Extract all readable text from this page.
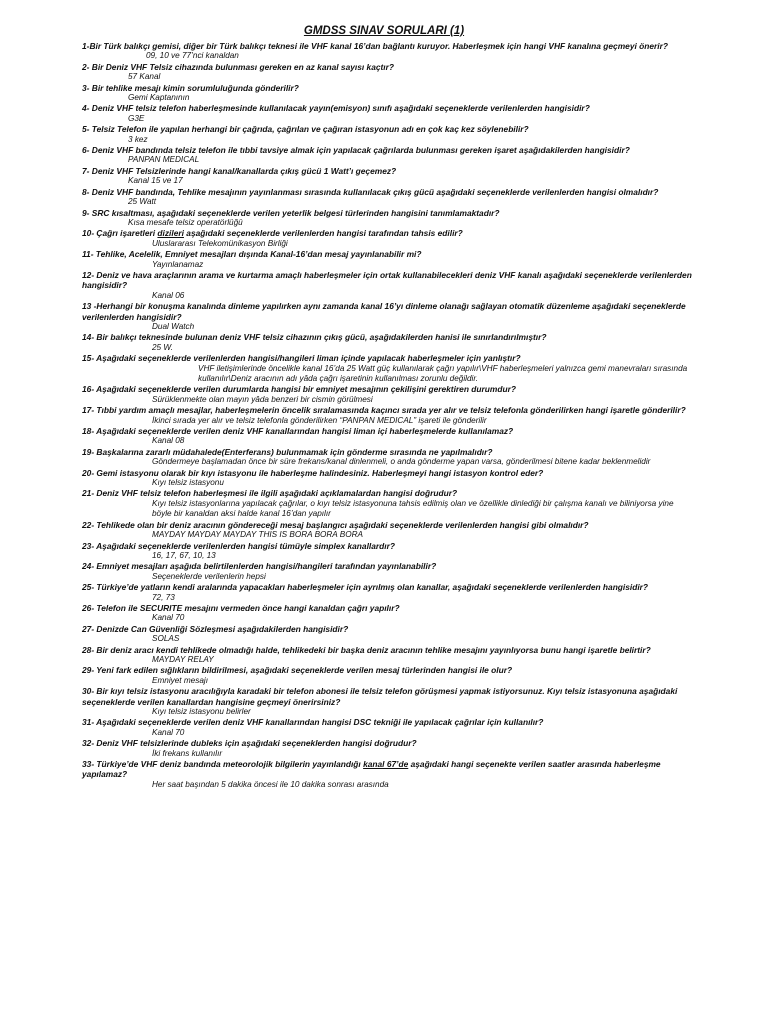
GMDSS SINAV SORULARI (1)
1-Bir Türk balıkçı gemisi, diğer bir Türk balıkçı teknesi ile VHF kanal 16’dan bağlantı kuruyor. Haberleşmek için hangi VHF kanalına geçmeyi önerir?
09, 10 ve 77’nci kanaldan
2- Bir Deniz VHF Telsiz cihazında bulunması gereken en az kanal sayısı kaçtır?
57 Kanal
3- Bir tehlike mesajı kimin sorumluluğunda gönderilir?
Gemi Kaptanının
4- Deniz VHF telsiz telefon haberleşmesinde kullanılacak yayın(emisyon) sınıfı aşağıdaki seçeneklerde verilenlerden hangisidir?
G3E
5- Telsiz Telefon ile yapılan herhangi bir çağrıda, çağrılan ve çağıran istasyonun adı en çok kaç kez söylenebilir?
3 kez
6- Deniz VHF bandında telsiz telefon ile tıbbi tavsiye almak için yapılacak çağrılarda bulunması gereken işaret aşağıdakilerden hangisidir?
PANPAN MEDICAL
7- Deniz VHF Telsizlerinde hangi kanal/kanallarda çıkış gücü 1 Watt’ı geçemez?
Kanal 15 ve 17
8- Deniz VHF bandında, Tehlike mesajının yayınlanması sırasında kullanılacak çıkış gücü aşağıdaki seçeneklerde verilenlerden hangisi olmalıdır?
25 Watt
9- SRC kısaltması, aşağıdaki seçeneklerde verilen yeterlik belgesi türlerinden hangisini tanımlamaktadır?
Kısa mesafe telsiz operatörlüğü
10- Çağrı işaretleri dizileri aşağıdaki seçeneklerde verilenlerden hangisi tarafından tahsis edilir?
Uluslararası Telekomünikasyon Birliği
11- Tehlike, Acelelik, Emniyet mesajları dışında Kanal-16’dan mesaj yayınlanabilir mi?
Yayınlanamaz
12- Deniz ve hava araçlarının arama ve kurtarma amaçlı haberleşmeler için ortak kullanabilecekleri deniz VHF kanalı aşağıdaki seçeneklerde verilenlerden hangisidir?
Kanal 06
13 -Herhangi bir konuşma kanalında dinleme yapılırken aynı zamanda kanal 16’yı dinleme olanağı sağlayan otomatik düzenleme aşağıdaki seçeneklerde verilenlerden hangisidir?
Dual Watch
14- Bir balıkçı teknesinde bulunan deniz VHF telsiz cihazının çıkış gücü, aşağıdakilerden hanisi ile sınırlandırılmıştır?
25 W.
15- Aşağıdaki seçeneklerde verilenlerden hangisi/hangileri liman içinde yapılacak haberleşmeler için yanlıştır?
VHF iletişimlerinde öncelikle kanal 16’da 25 Watt güç kullanılarak çağrı yapılır\VHF haberleşmeleri yalnızca gemi manevraları sırasında kullanılır\Deniz aracının adı yâda çağrı işaretinin kullanılması zorunlu değildir.
16- Aşağıdaki seçeneklerde verilen durumlarda hangisi bir emniyet mesajının çekilişini gerektiren durumdur?
Sürüklenmekte olan mayın yâda benzeri bir cismin görülmesi
17- Tıbbi yardım amaçlı mesajlar, haberleşmelerin öncelik sıralamasında kaçıncı sırada yer alır ve telsiz telefonla gönderilirken hangi işaretle gönderilir?
İkinci sırada yer alır ve telsiz telefonla gönderilirken “PANPAN MEDICAL” işareti ile gönderilir
18- Aşağıdaki seçeneklerde verilen deniz VHF kanallarından hangisi liman içi haberleşmelerde kullanılamaz?
Kanal 08
19- Başkalarına zararlı müdahalede(Enterferans) bulunmamak için gönderme sırasında ne yapılmalıdır?
Göndermeye başlamadan önce bir süre frekans/kanal dinlenmeli, o anda gönderme yapan varsa, gönderilmesi bitene kadar beklenmelidir
20- Gemi istasyonu olarak bir kıyı istasyonu ile haberleşme halindesiniz. Haberleşmeyi hangi istasyon kontrol eder?
Kıyı telsiz istasyonu
21- Deniz VHF telsiz telefon haberleşmesi ile ilgili aşağıdaki açıklamalardan hangisi doğrudur?
Kıyı telsiz istasyonlarına yapılacak çağrılar, o kıyı telsiz istasyonuna tahsis edilmiş olan ve özellikle dinlediği bir çalışma kanalı ve biliniyorsa yine böyle bir kanaldan aksi halde kanal 16’dan yapılır
22- Tehlikede olan bir deniz aracının göndereceği mesaj başlangıcı aşağıdaki seçeneklerde verilenlerden hangisi gibi olmalıdır?
MAYDAY MAYDAY MAYDAY THIS IS BORA BORA BORA
23- Aşağıdaki seçeneklerde verilenlerden hangisi tümüyle simplex kanallardır?
16, 17, 67, 10, 13
24- Emniyet mesajları aşağıda belirtilenlerden hangisi/hangileri tarafından yayınlanabilir?
Seçeneklerde verilenlerin hepsi
25- Türkiye’de yatların kendi aralarında yapacakları haberleşmeler için ayrılmış olan kanallar, aşağıdaki seçeneklerde verilenlerden hangisidir?
72, 73
26- Telefon ile SECURITE mesajını vermeden önce hangi kanaldan çağrı yapılır?
Kanal 70
27- Denizde Can Güvenliği Sözleşmesi aşağıdakilerden hangisidir?
SOLAS
28- Bir deniz aracı kendi tehlikede olmadığı halde, tehlikedeki bir başka deniz aracının tehlike mesajını yayınlıyorsa bunu hangi işaretle belirtir?
MAYDAY RELAY
29- Yeni fark edilen sığlıkların bildirilmesi, aşağıdaki seçeneklerde verilen mesaj türlerinden hangisi ile olur?
Emniyet mesajı
30- Bir kıyı telsiz istasyonu aracılığıyla karadaki bir telefon abonesi ile telsiz telefon görüşmesi yapmak istiyorsunuz. Kıyı telsiz istasyonuna aşağıdaki seçeneklerde verilen kanallardan hangisine geçmeyi önerirsiniz?
Kıyı telsiz istasyonu belirler
31- Aşağıdaki seçeneklerde verilen deniz VHF kanallarından hangisi DSC tekniği ile yapılacak çağrılar için kullanılır?
Kanal 70
32- Deniz VHF telsizlerinde dubleks için aşağıdaki seçeneklerden hangisi doğrudur?
İki frekans kullanılır
33- Türkiye’de VHF deniz bandında meteorolojik bilgilerin yayınlandığı kanal 67’de aşağıdaki hangi seçenekte verilen saatler arasında haberleşme yapılamaz?
Her saat başından 5 dakika öncesi ile 10 dakika sonrası arasında
